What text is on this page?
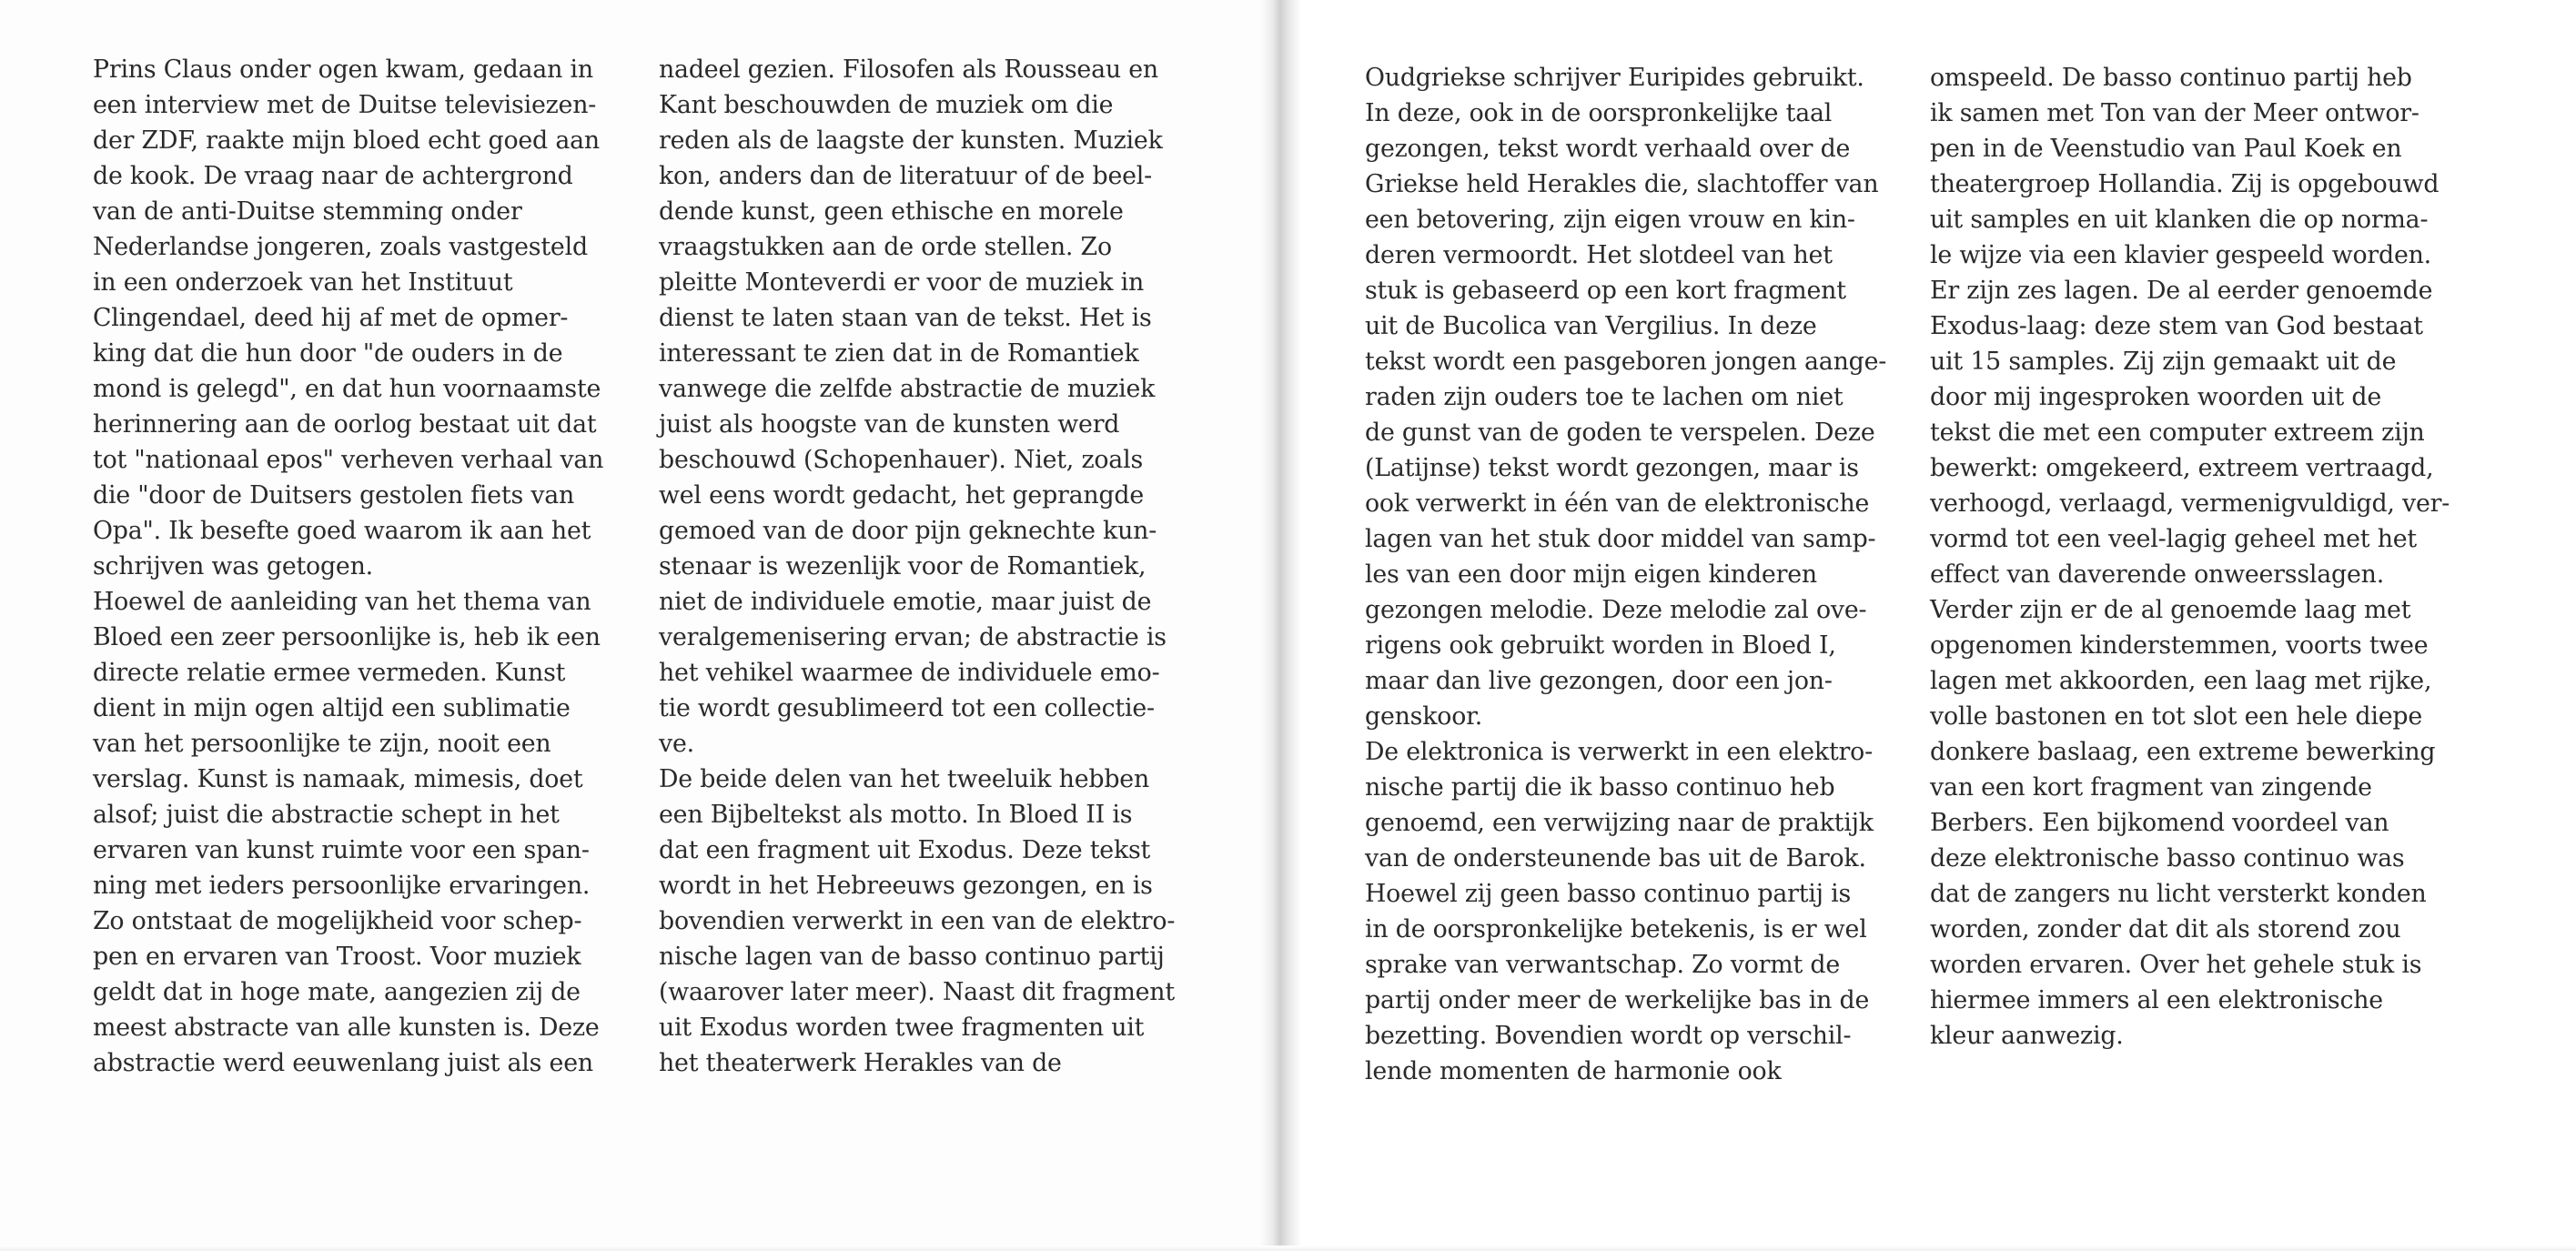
Prins Claus onder ogen kwam, gedaan in
een interview met de Duitse televisiezen-
der ZDF, raakte mijn bloed echt goed aan
de kook. De vraag naar de achtergrond
van de anti-Duitse stemming onder
Nederlandse jongeren, zoals vastgesteld
in een onderzoek van het Instituut
Clingendael, deed hij af met de opmer-
king dat die hun door "de ouders in de
mond is gelegd", en dat hun voornaamste
herinnering aan de oorlog bestaat uit dat
tot "nationaal epos" verheven verhaal van
die "door de Duitsers gestolen fiets van
Opa". Ik besefte goed waarom ik aan het
schrijven was getogen.
Hoewel de aanleiding van het thema van
Bloed een zeer persoonlijke is, heb ik een
directe relatie ermee vermeden. Kunst
dient in mijn ogen altijd een sublimatie
van het persoonlijke te zijn, nooit een
verslag. Kunst is namaak, mimesis, doet
alsof; juist die abstractie schept in het
ervaren van kunst ruimte voor een span-
ning met ieders persoonlijke ervaringen.
Zo ontstaat de mogelijkheid voor schep-
pen en ervaren van Troost. Voor muziek
geldt dat in hoge mate, aangezien zij de
meest abstracte van alle kunsten is. Deze
abstractie werd eeuwenlang juist als een
nadeel gezien. Filosofen als Rousseau en
Kant beschouwden de muziek om die
reden als de laagste der kunsten. Muziek
kon, anders dan de literatuur of de beel-
dende kunst, geen ethische en morele
vraagstukken aan de orde stellen. Zo
pleitte Monteverdi er voor de muziek in
dienst te laten staan van de tekst. Het is
interessant te zien dat in de Romantiek
vanwege die zelfde abstractie de muziek
juist als hoogste van de kunsten werd
beschouwd (Schopenhauer). Niet, zoals
wel eens wordt gedacht, het geprangde
gemoed van de door pijn geknechte kun-
stenaar is wezenlijk voor de Romantiek,
niet de individuele emotie, maar juist de
veralgemenisering ervan; de abstractie is
het vehikel waarmee de individuele emo-
tie wordt gesublimeerd tot een collectie-
ve.
De beide delen van het tweeluik hebben
een Bijbeltekst als motto. In Bloed II is
dat een fragment uit Exodus. Deze tekst
wordt in het Hebreeuws gezongen, en is
bovendien verwerkt in een van de elektro-
nische lagen van de basso continuo partij
(waarover later meer). Naast dit fragment
uit Exodus worden twee fragmenten uit
het theaterwerk Herakles van de
Oudgriekse schrijver Euripides gebruikt.
In deze, ook in de oorspronkelijke taal
gezongen, tekst wordt verhaald over de
Griekse held Herakles die, slachtoffer van
een betovering, zijn eigen vrouw en kin-
deren vermoordt. Het slotdeel van het
stuk is gebaseerd op een kort fragment
uit de Bucolica van Vergilius. In deze
tekst wordt een pasgeboren jongen aange-
raden zijn ouders toe te lachen om niet
de gunst van de goden te verspelen. Deze
(Latijnse) tekst wordt gezongen, maar is
ook verwerkt in één van de elektronische
lagen van het stuk door middel van samp-
les van een door mijn eigen kinderen
gezongen melodie. Deze melodie zal ove-
rigens ook gebruikt worden in Bloed I,
maar dan live gezongen, door een jon-
genskoor.
De elektronica is verwerkt in een elektro-
nische partij die ik basso continuo heb
genoemd, een verwijzing naar de praktijk
van de ondersteunende bas uit de Barok.
Hoewel zij geen basso continuo partij is
in de oorspronkelijke betekenis, is er wel
sprake van verwantschap. Zo vormt de
partij onder meer de werkelijke bas in de
bezetting. Bovendien wordt op verschil-
lende momenten de harmonie ook
omspeeld. De basso continuo partij heb
ik samen met Ton van der Meer ontwor-
pen in de Veenstudio van Paul Koek en
theatergroep Hollandia. Zij is opgebouwd
uit samples en uit klanken die op norma-
le wijze via een klavier gespeeld worden.
Er zijn zes lagen. De al eerder genoemde
Exodus-laag: deze stem van God bestaat
uit 15 samples. Zij zijn gemaakt uit de
door mij ingesproken woorden uit de
tekst die met een computer extreem zijn
bewerkt: omgekeerd, extreem vertraagd,
verhoogd, verlaagd, vermenigvuldigd, ver-
vormd tot een veel-lagig geheel met het
effect van daverende onweersslagen.
Verder zijn er de al genoemde laag met
opgenomen kinderstemmen, voorts twee
lagen met akkoorden, een laag met rijke,
volle bastonen en tot slot een hele diepe
donkere baslaag, een extreme bewerking
van een kort fragment van zingende
Berbers. Een bijkomend voordeel van
deze elektronische basso continuo was
dat de zangers nu licht versterkt konden
worden, zonder dat dit als storend zou
worden ervaren. Over het gehele stuk is
hiermee immers al een elektronische
kleur aanwezig.
